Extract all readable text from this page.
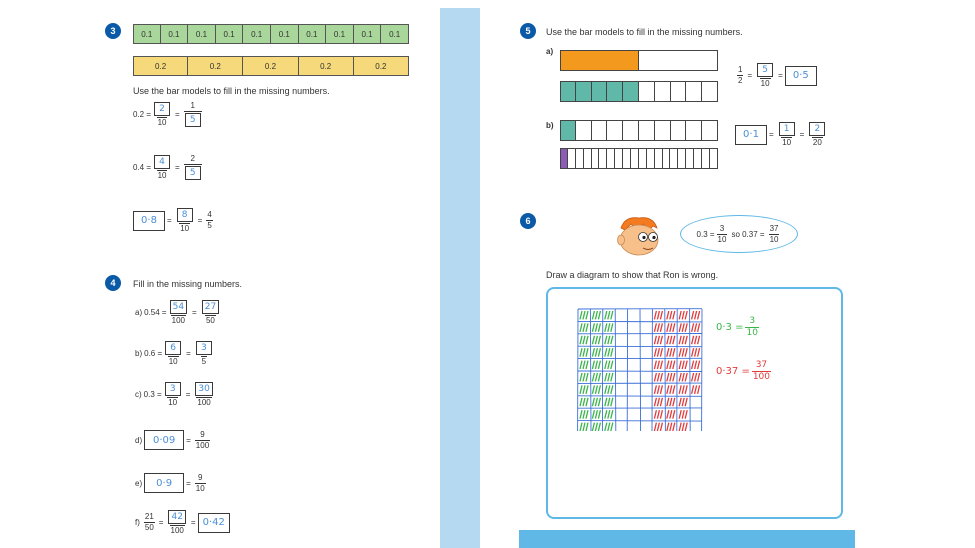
3	0.1	0.1	0.1	0.1	0.1	0.1	0.1	0.1	0.1	0.1
0.2	0.2	0.2	0.2	0.2
Use the bar models to fill in the missing numbers.
$0.2 = \frac{2}{10} = \frac{1}{5}$
$0.4 = \frac{4}{10} = \frac{2}{5}$
0·8	= $\frac{8}{10} = \frac{4}{5}$
4	Fill in the missing numbers.
a) $0.54 = \frac{54}{100} = \frac{27}{50}$
b) $0.6 = \frac{6}{10} = \frac{3}{5}$
c) $0.3 = \frac{3}{10} = \frac{30}{100}$
d)	0·09	= $\frac{9}{100}$
e)	0·9	= $\frac{9}{10}$
$f) \frac{21}{50} = \frac{42}{100} = 0\cdot 42$
5	Use the bar models to fill in the missing numbers.
a)
$\frac{1}{2} = \frac{5}{10}$ =	0·5
b)
0·1	= $\frac{1}{10} = \frac{2}{20}$
6
$0.3 = \frac{3}{10}$ so $0.37 = \frac{37}{10}$
Draw a diagram to show that Ron is wrong.
$0\cdot 3 = \frac{3}{10}$
$0\cdot 37 = \frac{37}{100}$
